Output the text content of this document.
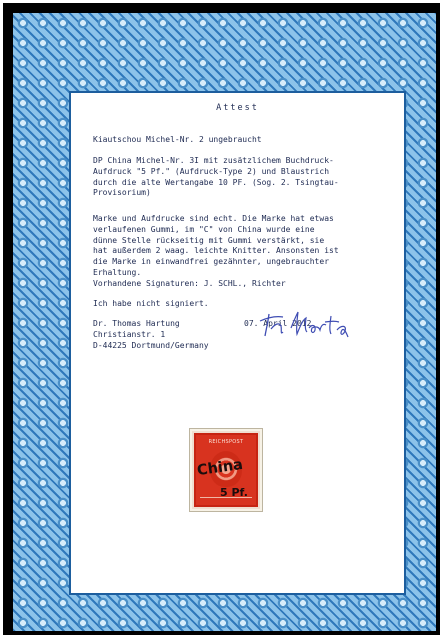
Attest
Kiautschou Michel-Nr. 2 ungebraucht
DP China Michel-Nr. 3I mit zusätzlichem Buchdruck-
Aufdruck "5 Pf." (Aufdruck-Type 2) und Blaustrich
durch die alte Wertangabe 10 PF. (Sog. 2. Tsingtau-
Provisorium)
Marke und Aufdrucke sind echt. Die Marke hat etwas
verlaufenen Gummi, im "C" von China wurde eine
dünne Stelle rückseitig mit Gummi verstärkt, sie
hat außerdem 2 waag. leichte Knitter. Ansonsten ist
die Marke in einwandfrei gezähnter, ungebrauchter
Erhaltung.
Vorhandene Signaturen: J. SCHL., Richter
Ich habe nicht signiert.
Dr. Thomas Hartung
Christianstr. 1
D-44225 Dortmund/Germany
07. April 2012
REICHSPOST
China
5 Pf.
